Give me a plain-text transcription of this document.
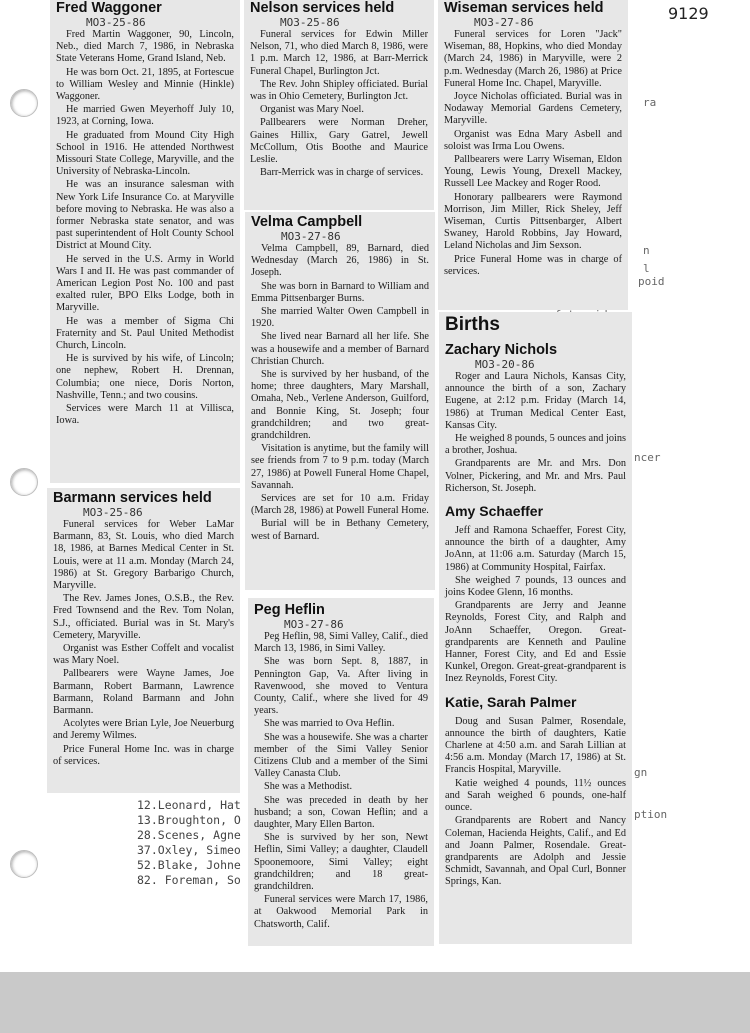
9129
ra
n
l
poid
ncer
gn
ption
12.Leonard, Hat
13.Broughton, O
28.Scenes, Agne
37.Oxley, Simeo
52.Blake, Johne
82. Foreman, So
Fred Waggoner
MO3-25-86

Fred Martin Waggoner, 90, Lincoln, Neb., died March 7, 1986, in Nebraska State Veterans Home, Grand Island, Neb.

He was born Oct. 21, 1895, at Fortescue to William Wesley and Minnie (Hinkle) Waggoner.

He married Gwen Meyerhoff July 10, 1923, at Corning, Iowa.

He graduated from Mound City High School in 1916. He attended Northwest Missouri State College, Maryville, and the University of Nebraska-Lincoln.

He was an insurance salesman with New York Life Insurance Co. at Maryville before moving to Nebraska. He was also a former Nebraska state senator, and was past superintendent of Holt County School District at Mound City.

He served in the U.S. Army in World Wars I and II. He was past commander of American Legion Post No. 100 and past exalted ruler, BPO Elks Lodge, both in Maryville.

He was a member of Sigma Chi Fraternity and St. Paul United Methodist Church, Lincoln.

He is survived by his wife, of Lincoln; one nephew, Robert H. Drennan, Columbia; one niece, Doris Norton, Nashville, Tenn.; and two cousins.

Services were March 11 at Villisca, Iowa.

Barmann services held
MO3-25-86

Funeral services for Weber LaMar Barmann, 83, St. Louis, who died March 18, 1986, at Barnes Medical Center in St. Louis, were at 11 a.m. Monday (March 24, 1986) at St. Gregory Barbarigo Church, Maryville.

The Rev. James Jones, O.S.B., the Rev. Fred Townsend and the Rev. Tom Nolan, S.J., officiated. Burial was in St. Mary's Cemetery, Maryville.

Organist was Esther Coffelt and vocalist was Mary Noel.

Pallbearers were Wayne James, Joe Barmann, Robert Barmann, Lawrence Barmann, Roland Barmann and John Barmann.

Acolytes were Brian Lyle, Joe Neuerburg and Jeremy Wilmes.

Price Funeral Home Inc. was in charge of services.

Nelson services held
MO3-25-86

Funeral services for Edwin Miller Nelson, 71, who died March 8, 1986, were 1 p.m. March 12, 1986, at Barr-Merrick Funeral Chapel, Burlington Jct.

The Rev. John Shipley officiated. Burial was in Ohio Cemetery, Burlington Jct.

Organist was Mary Noel.

Pallbearers were Norman Dreher, Gaines Hillix, Gary Gatrel, Jewell McCollum, Otis Boothe and Maurice Leslie.

Barr-Merrick was in charge of services.

Velma Campbell
MO3-27-86

Velma Campbell, 89, Barnard, died Wednesday (March 26, 1986) in St. Joseph.

She was born in Barnard to William and Emma Pittsenbarger Burns.

She married Walter Owen Campbell in 1920.

She lived near Barnard all her life. She was a housewife and a member of Barnard Christian Church.

She is survived by her husband, of the home; three daughters, Mary Marshall, Omaha, Neb., Verlene Anderson, Guilford, and Bonnie King, St. Joseph; four grandchildren; and two great-grandchildren.

Visitation is anytime, but the family will see friends from 7 to 9 p.m. today (March 27, 1986) at Powell Funeral Home Chapel, Savannah.

Services are set for 10 a.m. Friday (March 28, 1986) at Powell Funeral Home.

Burial will be in Bethany Cemetery, west of Barnard.

Peg Heflin
MO3-27-86

Peg Heflin, 98, Simi Valley, Calif., died March 13, 1986, in Simi Valley.

She was born Sept. 8, 1887, in Pennington Gap, Va. After living in Ravenwood, she moved to Ventura County, Calif., where she lived for 49 years.

She was married to Ova Heflin.

She was a housewife. She was a charter member of the Simi Valley Senior Citizens Club and a member of the Simi Valley Canasta Club.

She was a Methodist.

She was preceded in death by her husband; a son, Cowan Heflin; and a daughter, Mary Ellen Barton.

She is survived by her son, Newt Heflin, Simi Valley; a daughter, Claudell Spoonemoore, Simi Valley; eight grandchildren; and 18 great-grandchildren.

Funeral services were March 17, 1986, at Oakwood Memorial Park in Chatsworth, Calif.

Wiseman services held
MO3-27-86

Funeral services for Loren "Jack" Wiseman, 88, Hopkins, who died Monday (March 24, 1986) in Maryville, were 2 p.m. Wednesday (March 26, 1986) at Price Funeral Home Inc. Chapel, Maryville.

Joyce Nicholas officiated. Burial was in Nodaway Memorial Gardens Cemetery, Maryville.

Organist was Edna Mary Asbell and soloist was Irma Lou Owens.

Pallbearers were Larry Wiseman, Eldon Young, Lewis Young, Drexell Mackey, Russell Lee Mackey and Roger Rood.

Honorary pallbearers were Raymond Morrison, Jim Miller, Rick Sheley, Jeff Wiseman, Curtis Pittsenbarger, Albert Swaney, Harold Robbins, Jay Howard, Leland Nicholas and Jim Sexson.

Price Funeral Home was in charge of services.

Births
Zachary Nichols
MO3-20-86

Roger and Laura Nichols, Kansas City, announce the birth of a son, Zachary Eugene, at 2:12 p.m. Friday (March 14, 1986) at Truman Medical Center East, Kansas City.

He weighed 8 pounds, 5 ounces and joins a brother, Joshua.

Grandparents are Mr. and Mrs. Don Volner, Pickering, and Mr. and Mrs. Paul Richerson, St. Joseph.

Amy Schaeffer

Jeff and Ramona Schaeffer, Forest City, announce the birth of a daughter, Amy JoAnn, at 11:06 a.m. Saturday (March 15, 1986) at Community Hospital, Fairfax.

She weighed 7 pounds, 13 ounces and joins Kodee Glenn, 16 months.

Grandparents are Jerry and Jeanne Reynolds, Forest City, and Ralph and JoAnn Schaeffer, Oregon. Great-grandparents are Kenneth and Pauline Hanner, Forest City, and Ed and Essie Kunkel, Oregon. Great-great-grandparent is Inez Reynolds, Forest City.

Katie, Sarah Palmer

Doug and Susan Palmer, Rosendale, announce the birth of daughters, Katie Charlene at 4:50 a.m. and Sarah Lillian at 4:56 a.m. Monday (March 17, 1986) at St. Francis Hospital, Maryville.

Katie weighed 4 pounds, 11½ ounces and Sarah weighed 6 pounds, one-half ounce.

Grandparents are Robert and Nancy Coleman, Hacienda Heights, Calif., and Ed and Joann Palmer, Rosendale. Great-grandparents are Adolph and Jessie Schmidt, Savannah, and Opal Curl, Bonner Springs, Kan.
